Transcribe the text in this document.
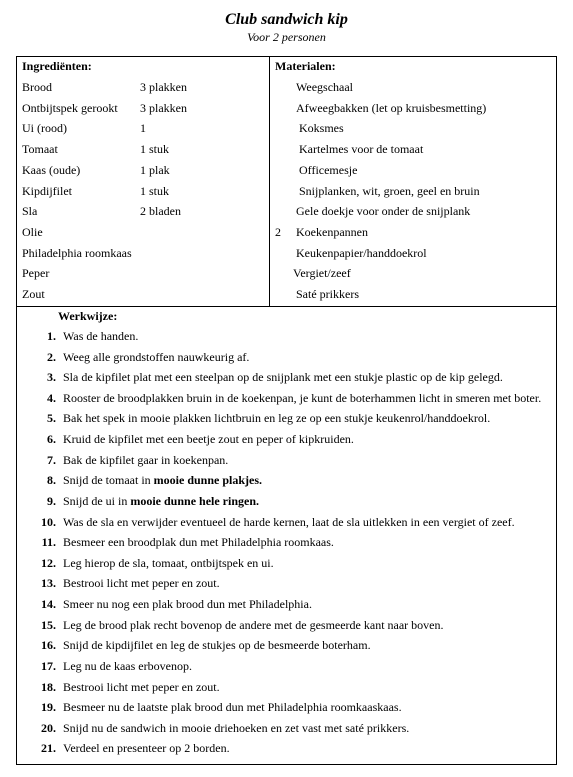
Club sandwich kip
Voor 2 personen
Ingrediënten:	Materialen:
Brood	3 plakken
Ontbijtspek gerookt 3 plakken
Ui (rood)	1
Tomaat	1 stuk
Kaas (oude)	1 plak
Kipdijfilet	1 stuk
Sla	2 bladen
Olie
Philadelphia roomkaas
Peper
Zout
Weegschaal
Afweegbakken (let op kruisbesmetting)
Koksmes
Kartelmes voor de tomaat
Officemesje
Snijplanken, wit, groen, geel en bruin
Gele doekje voor onder de snijplank
2 Koekenpannen
Keukenpapier/handdoekrol
Vergiet/zeef
Saté prikkers
Werkwijze:
1. Was de handen.
2. Weeg alle grondstoffen nauwkeurig af.
3. Sla de kipfilet plat met een steelpan op de snijplank met een stukje plastic op de kip gelegd.
4. Rooster de broodplakken bruin in de koekenpan, je kunt de boterhammen licht in smeren met boter.
5. Bak het spek in mooie plakken lichtbruin en leg ze op een stukje keukenrol/handdoekrol.
6. Kruid de kipfilet met een beetje zout en peper of kipkruiden.
7. Bak de kipfilet gaar in koekenpan.
8. Snijd de tomaat in mooie dunne plakjes.
9. Snijd de ui in mooie dunne hele ringen.
10. Was de sla en verwijder eventueel de harde kernen, laat de sla uitlekken in een vergiet of zeef.
11. Besmeer een broodplak dun met Philadelphia roomkaas.
12. Leg hierop de sla, tomaat, ontbijtspek en ui.
13. Bestrooi licht met peper en zout.
14. Smeer nu nog een plak brood dun met Philadelphia.
15. Leg de brood plak recht bovenop de andere met de gesmeerde kant naar boven.
16. Snijd de kipdijfilet en leg de stukjes op de besmeerde boterham.
17. Leg nu de kaas erbovenop.
18. Bestrooi licht met peper en zout.
19. Besmeer nu de laatste plak brood dun met Philadelphia roomkaaskaas.
20. Snijd nu de sandwich in mooie driehoeken en zet vast met saté prikkers.
21. Verdeel en presenteer op 2 borden.
